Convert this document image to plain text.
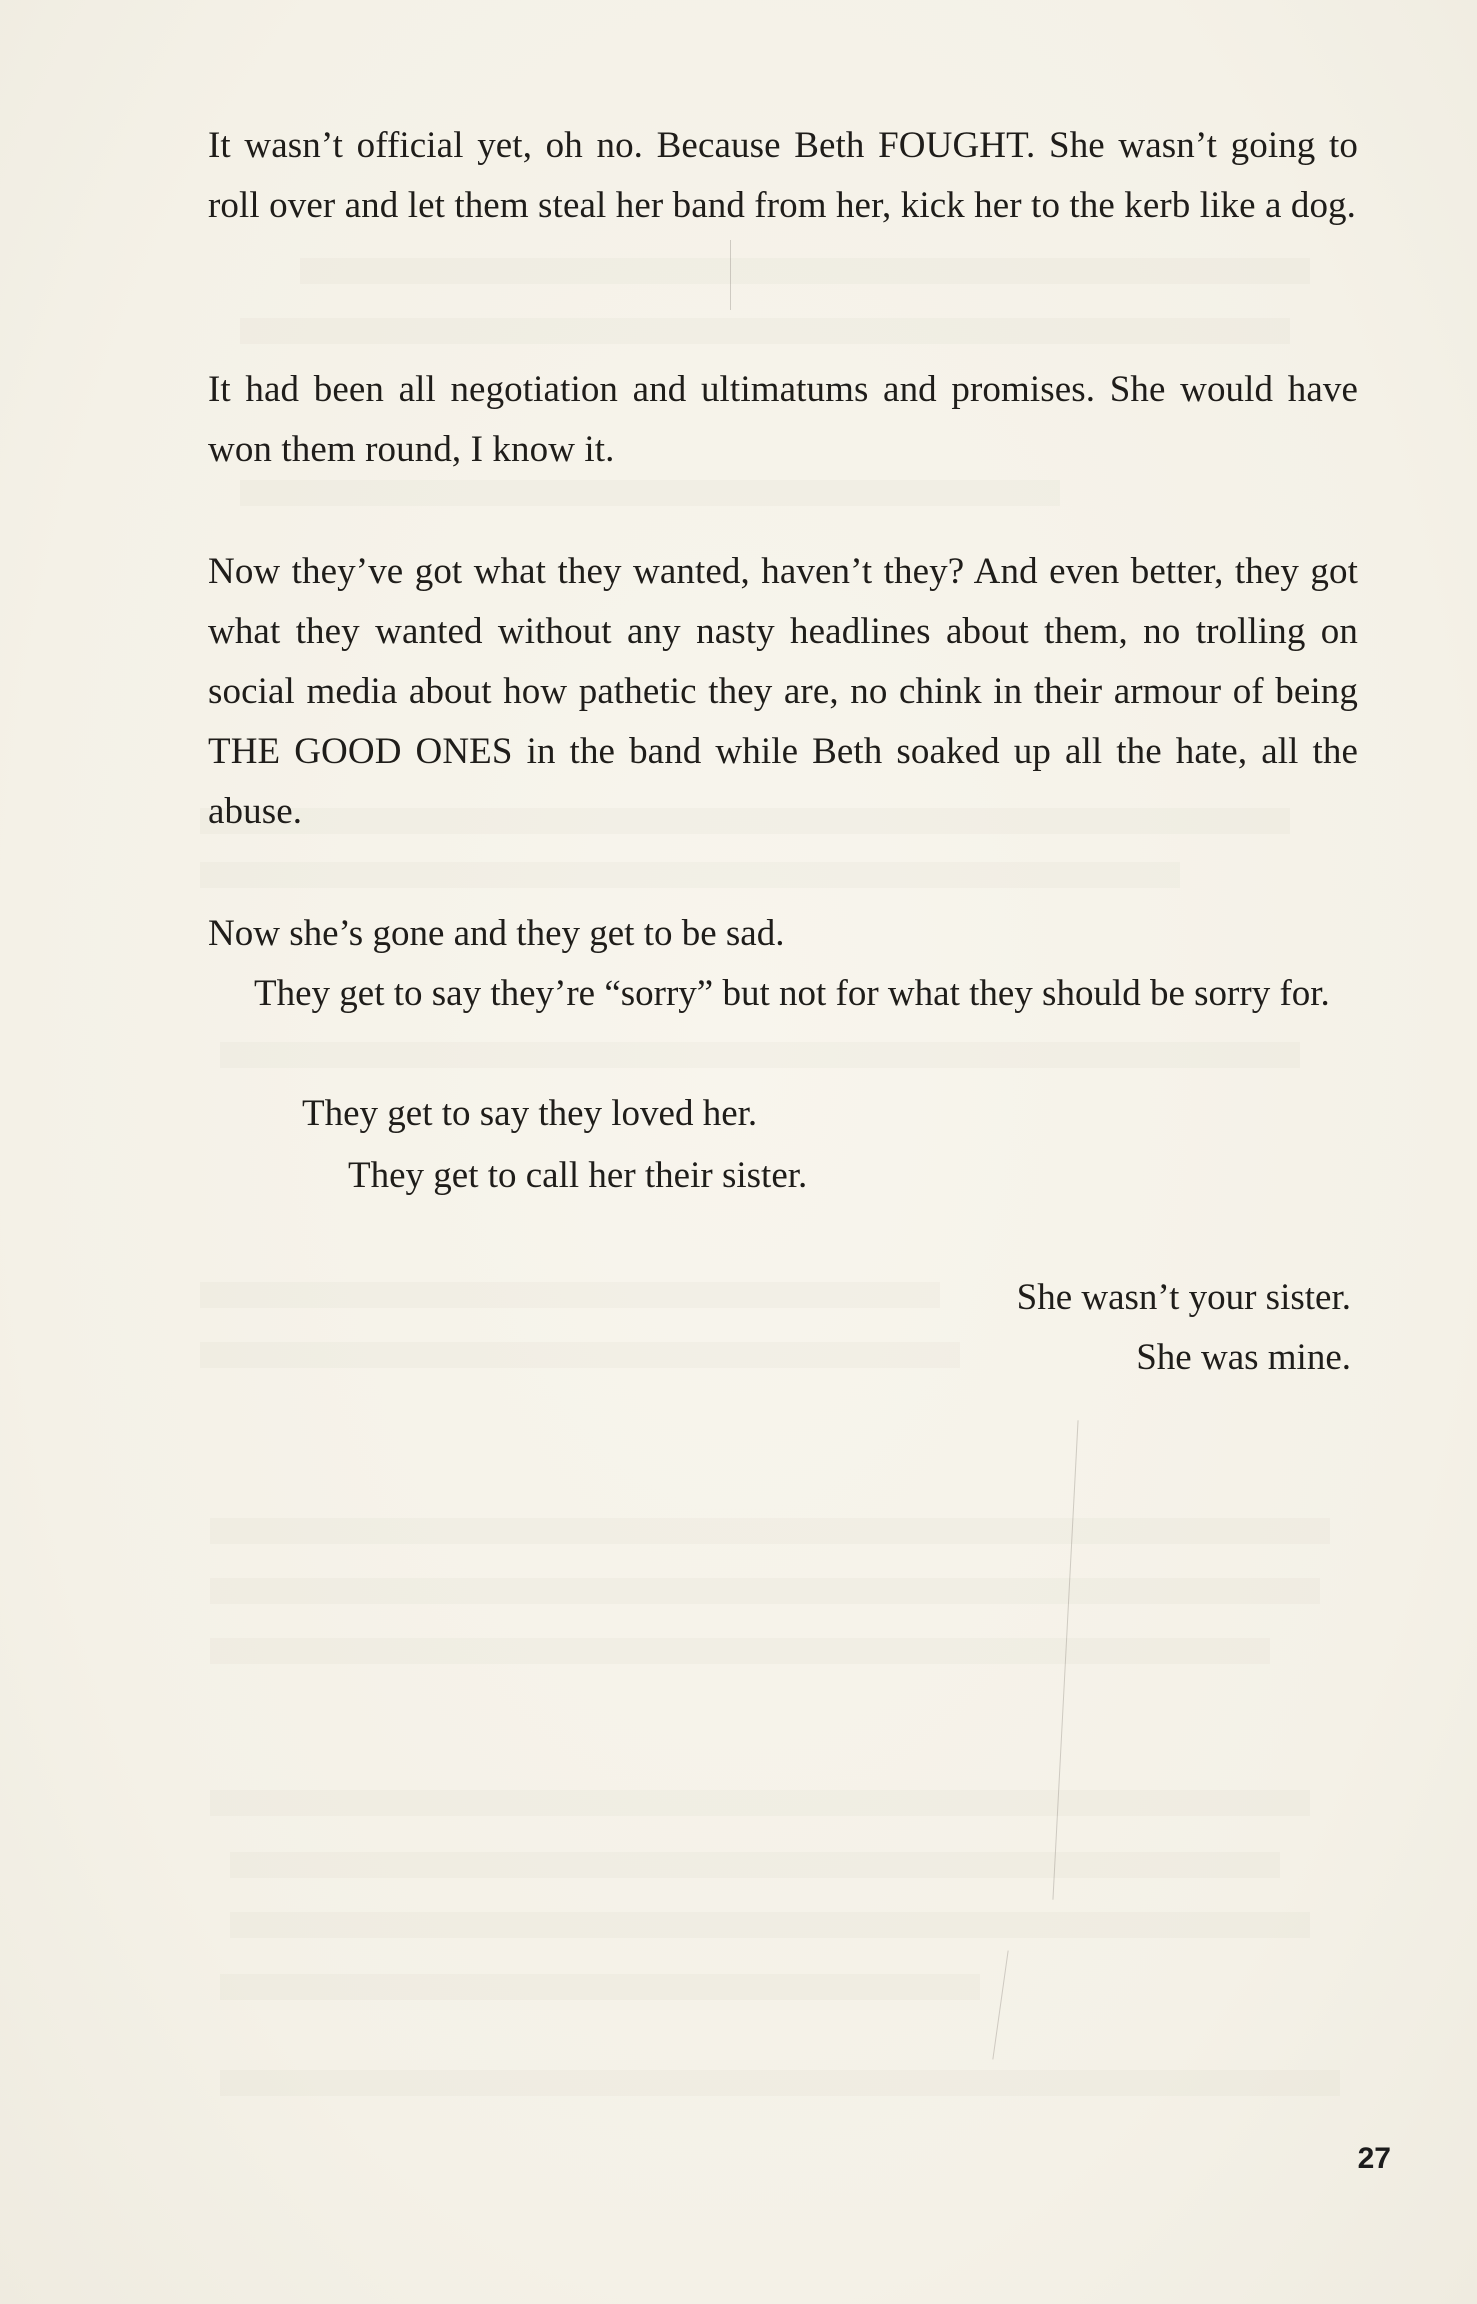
It wasn’t official yet, oh no. Because Beth FOUGHT. She wasn’t going to roll over and let them steal her band from her, kick her to the kerb like a dog.

It had been all negotiation and ultimatums and promises. She would have won them round, I know it.

Now they’ve got what they wanted, haven’t they? And even better, they got what they wanted without any nasty headlines about them, no trolling on social media about how pathetic they are, no chink in their armour of being THE GOOD ONES in the band while Beth soaked up all the hate, all the abuse.

Now she’s gone and they get to be sad.

They get to say they’re “sorry” but not for what they should be sorry for.

They get to say they loved her.

They get to call her their sister.

She wasn’t your sister.

She was mine.

27
